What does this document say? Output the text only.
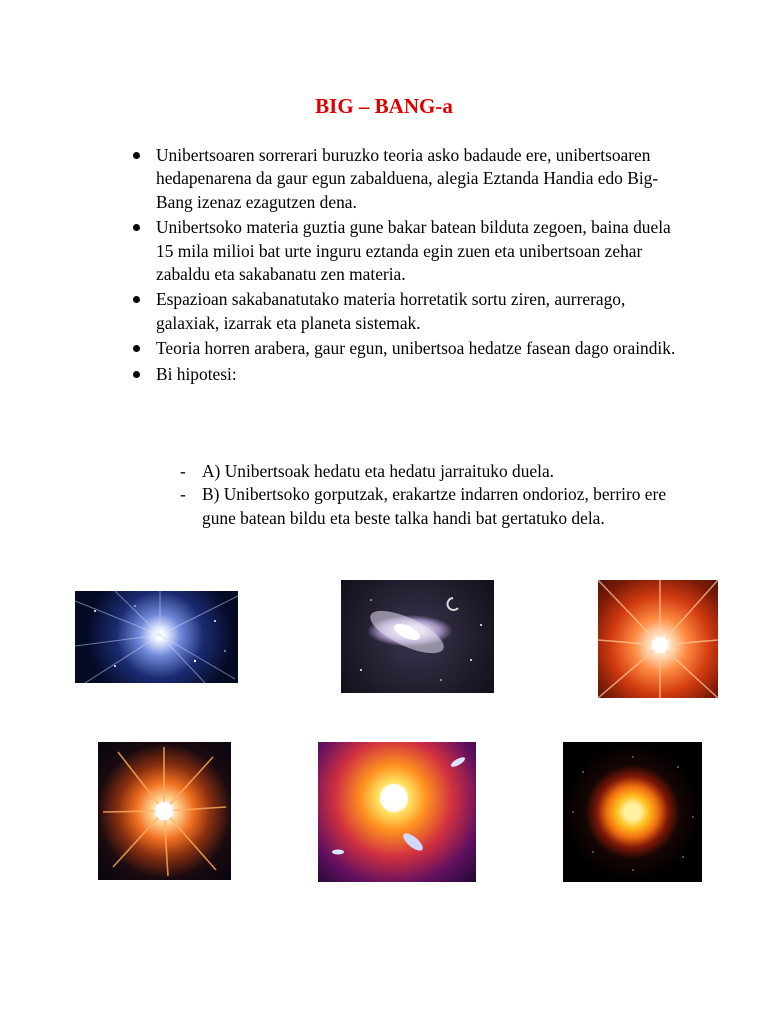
BIG – BANG-a
Unibertsoaren sorrerari buruzko teoria asko badaude ere, unibertsoaren hedapenarena da gaur egun zabalduena, alegia Eztanda Handia edo Big- Bang izenaz ezagutzen dena.
Unibertsoko materia guztia gune bakar batean bilduta zegoen, baina duela 15 mila milioi bat urte inguru eztanda egin zuen eta unibertsoan zehar zabaldu eta sakabanatu zen materia.
Espazioan sakabanatutako materia horretatik sortu ziren, aurrerago, galaxiak, izarrak eta planeta sistemak.
Teoria horren arabera, gaur egun, unibertsoa hedatze fasean dago oraindik.
Bi hipotesi:
- A) Unibertsoak hedatu eta hedatu jarraituko duela.
- B) Unibertsoko gorputzak, erakartze indarren ondorioz, berriro ere gune batean bildu eta beste talka handi bat gertatuko dela.
